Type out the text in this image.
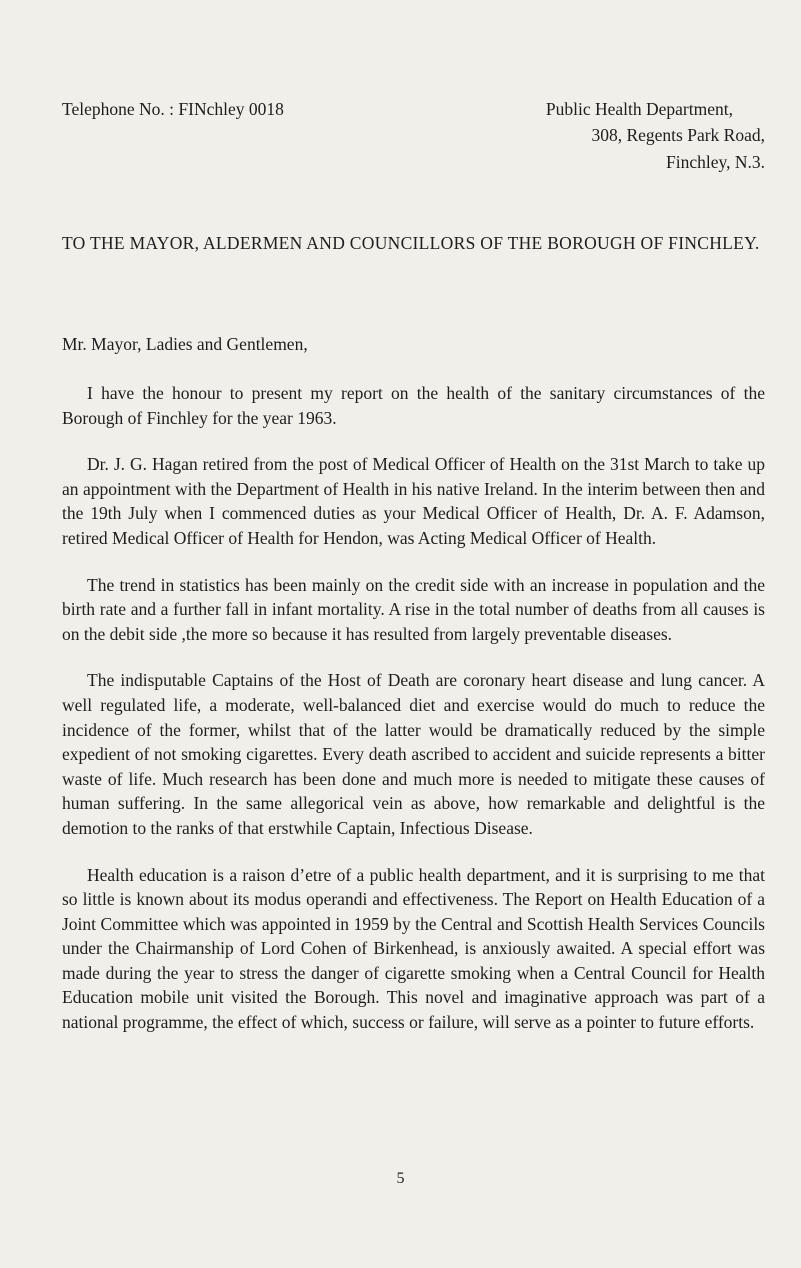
Telephone No. : FINchley 0018	Public Health Department,
308, Regents Park Road,
Finchley, N.3.
TO THE MAYOR, ALDERMEN AND COUNCILLORS OF THE BOROUGH OF FINCHLEY.
Mr. Mayor, Ladies and Gentlemen,

I have the honour to present my report on the health of the sanitary circumstances of the Borough of Finchley for the year 1963.

Dr. J. G. Hagan retired from the post of Medical Officer of Health on the 31st March to take up an appointment with the Department of Health in his native Ireland. In the interim between then and the 19th July when I commenced duties as your Medical Officer of Health, Dr. A. F. Adamson, retired Medical Officer of Health for Hendon, was Acting Medical Officer of Health.

The trend in statistics has been mainly on the credit side with an increase in population and the birth rate and a further fall in infant mortality. A rise in the total number of deaths from all causes is on the debit side ,the more so because it has resulted from largely preventable diseases.

The indisputable Captains of the Host of Death are coronary heart disease and lung cancer. A well regulated life, a moderate, well-balanced diet and exercise would do much to reduce the incidence of the former, whilst that of the latter would be dramatically reduced by the simple expedient of not smoking cigarettes. Every death ascribed to accident and suicide represents a bitter waste of life. Much research has been done and much more is needed to mitigate these causes of human suffering. In the same allegorical vein as above, how remarkable and delightful is the demotion to the ranks of that erstwhile Captain, Infectious Disease.

Health education is a raison d’etre of a public health department, and it is surprising to me that so little is known about its modus operandi and effectiveness. The Report on Health Education of a Joint Committee which was appointed in 1959 by the Central and Scottish Health Services Councils under the Chairmanship of Lord Cohen of Birkenhead, is anxiously awaited. A special effort was made during the year to stress the danger of cigarette smoking when a Central Council for Health Education mobile unit visited the Borough. This novel and imaginative approach was part of a national programme, the effect of which, success or failure, will serve as a pointer to future efforts.

5
